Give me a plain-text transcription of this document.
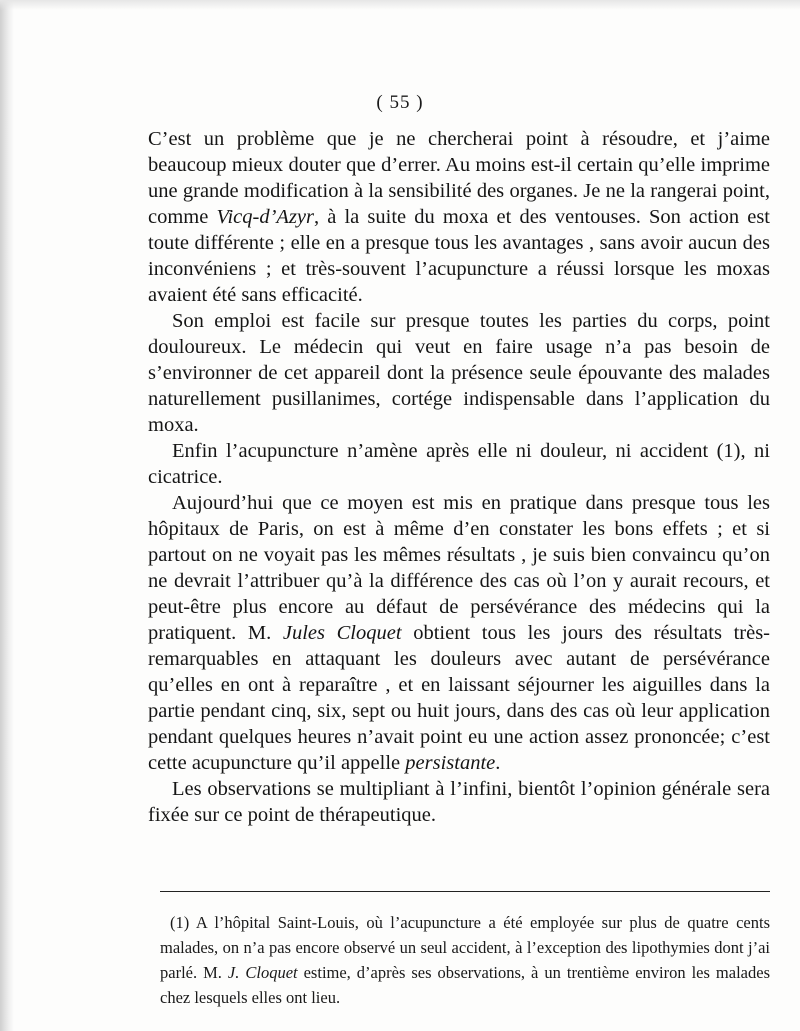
( 55 )

C’est un problème que je ne chercherai point à résoudre, et j’aime beaucoup mieux douter que d’errer. Au moins est-il certain qu’elle imprime une grande modification à la sensibilité des organes. Je ne la rangerai point, comme Vicq-d’Azyr, à la suite du moxa et des ventouses. Son action est toute différente ; elle en a presque tous les avantages , sans avoir aucun des inconvéniens ; et très-souvent l’acupuncture a réussi lorsque les moxas avaient été sans efficacité.

Son emploi est facile sur presque toutes les parties du corps, point douloureux. Le médecin qui veut en faire usage n’a pas besoin de s’environner de cet appareil dont la présence seule épouvante des malades naturellement pusillanimes, cortége indispensable dans l’application du moxa.

Enfin l’acupuncture n’amène après elle ni douleur, ni accident (1), ni cicatrice.

Aujourd’hui que ce moyen est mis en pratique dans presque tous les hôpitaux de Paris, on est à même d’en constater les bons effets ; et si partout on ne voyait pas les mêmes résultats , je suis bien convaincu qu’on ne devrait l’attribuer qu’à la différence des cas où l’on y aurait recours, et peut-être plus encore au défaut de persévérance des médecins qui la pratiquent. M. Jules Cloquet obtient tous les jours des résultats très-remarquables en attaquant les douleurs avec autant de persévérance qu’elles en ont à reparaître , et en laissant séjourner les aiguilles dans la partie pendant cinq, six, sept ou huit jours, dans des cas où leur application pendant quelques heures n’avait point eu une action assez prononcée; c’est cette acupuncture qu’il appelle persistante.

Les observations se multipliant à l’infini, bientôt l’opinion générale sera fixée sur ce point de thérapeutique.

(1) A l’hôpital Saint-Louis, où l’acupuncture a été employée sur plus de quatre cents malades, on n’a pas encore observé un seul accident, à l’exception des lipothymies dont j’ai parlé. M. J. Cloquet estime, d’après ses observations, à un trentième environ les malades chez lesquels elles ont lieu.
